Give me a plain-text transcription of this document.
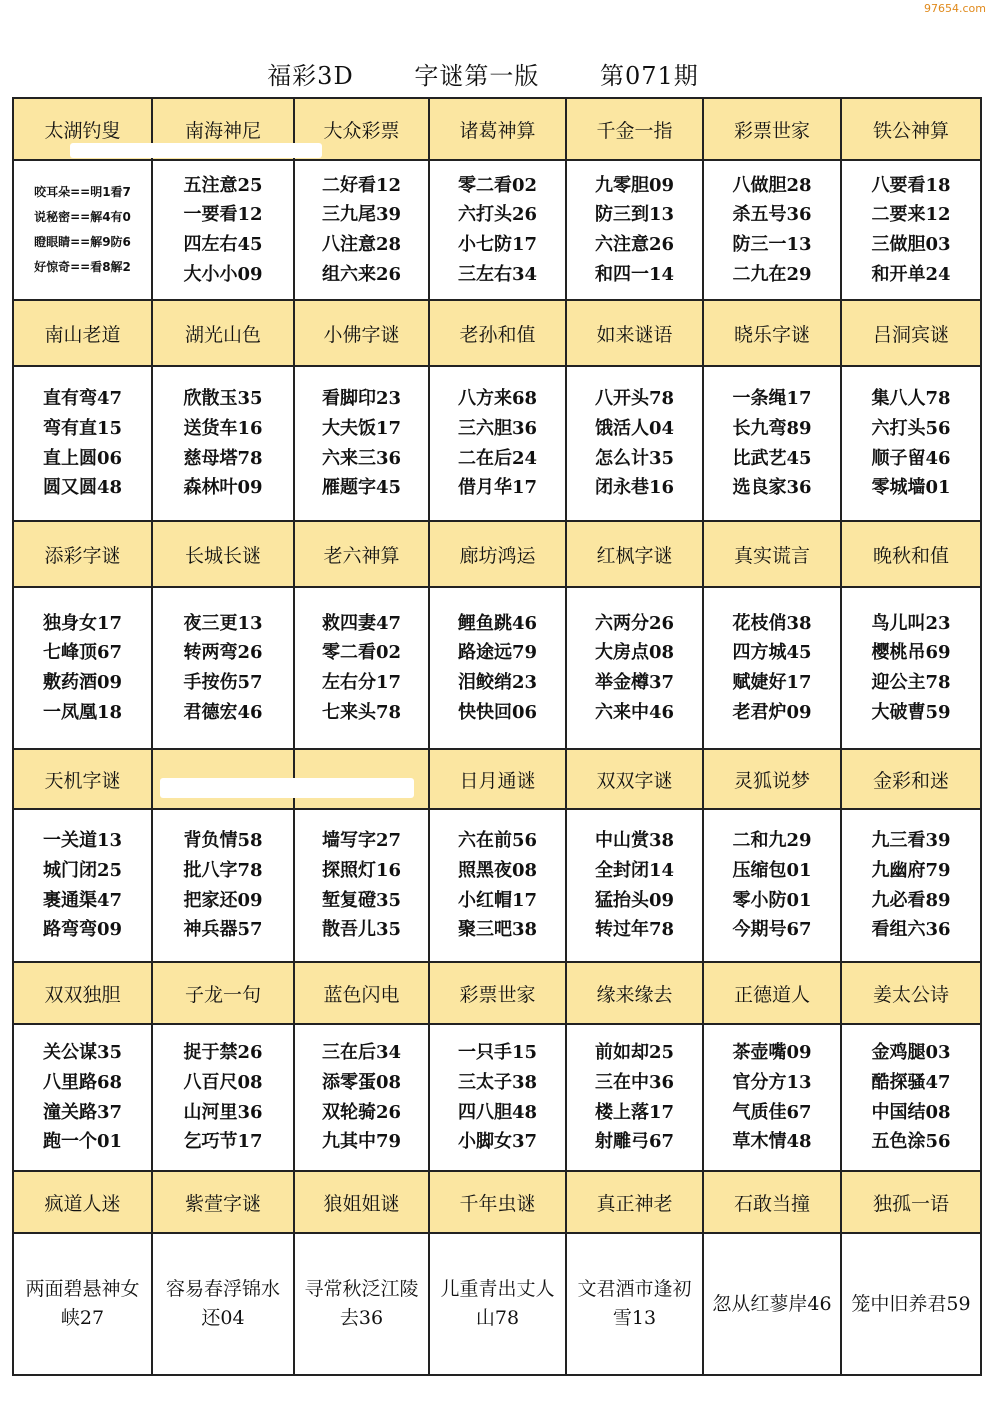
97654.com
福彩3D	字谜第一版	第071期
太湖钓叟	南海神尼	大众彩票	诸葛神算	千金一指	彩票世家	铁公神算

咬耳朵==明1看7
说秘密==解4有0
瞪眼睛==解9防6
好惊奇==看8解2	五注意25
一要看12
四左右45
大小小09	二好看12
三九尾39
八注意28
组六来26	零二看02
六打头26
小七防17
三左右34	九零胆09
防三到13
六注意26
和四一14	八做胆28
杀五号36
防三一13
二九在29	八要看18
二要来12
三做胆03
和开单24

南山老道	湖光山色	小佛字谜	老孙和值	如来谜语	晓乐字谜	吕洞宾谜

直有弯47
弯有直15
直上圆06
圆又圆48	欣散玉35
送货车16
慈母塔78
森林叶09	看脚印23
大夫饭17
六来三36
雁题字45	八方来68
三六胆36
二在后24
借月华17	八开头78
饿活人04
怎么计35
闭永巷16	一条绳17
长九弯89
比武艺45
选良家36	集八人78
六打头56
顺子留46
零城墙01

添彩字谜	长城长谜	老六神算	廊坊鸿运	红枫字谜	真实谎言	晚秋和值

独身女17
七峰顶67
敷药酒09
一凤凰18	夜三更13
转两弯26
手按伤57
君德宏46	救四妻47
零二看02
左右分17
七来头78	鲤鱼跳46
路途远79
泪鲛绡23
快快回06	六两分26
大房点08
举金樽37
六来中46	花枝俏38
四方城45
赋婕好17
老君炉09	鸟儿叫23
樱桃吊69
迎公主78
大破曹59

天机字谜			日月通谜	双双字谜	灵狐说梦	金彩和迷

一关道13
城门闭25
裹通渠47
路弯弯09	背负情58
批八字78
把家还09
神兵器57	墙写字27
探照灯16
堑复磴35
散吾儿35	六在前56
照黑夜08
小红帽17
聚三吧38	中山赏38
全封闭14
猛抬头09
转过年78	二和九29
压缩包01
零小防01
今期号67	九三看39
九幽府79
九必看89
看组六36

双双独胆	子龙一句	蓝色闪电	彩票世家	缘来缘去	正德道人	姜太公诗

关公谋35
八里路68
潼关路37
跑一个01	捉于禁26
八百尺08
山河里36
乞巧节17	三在后34
添零蛋08
双轮骑26
九其中79	一只手15
三太子38
四八胆48
小脚女37	前如却25
三在中36
楼上落17
射雕弓67	茶壶嘴09
官分方13
气质佳67
草木情48	金鸡腿03
酷探骚47
中国结08
五色涂56

疯道人迷	紫萱字谜	狼姐姐谜	千年虫谜	真正神老	石敢当撞	独孤一语

两面碧悬神女
峡27	容易春浮锦水
还04	寻常秋泛江陵
去36	儿重青出丈人
山78	文君酒市逢初
雪13	忽从红蓼岸46	笼中旧养君59
